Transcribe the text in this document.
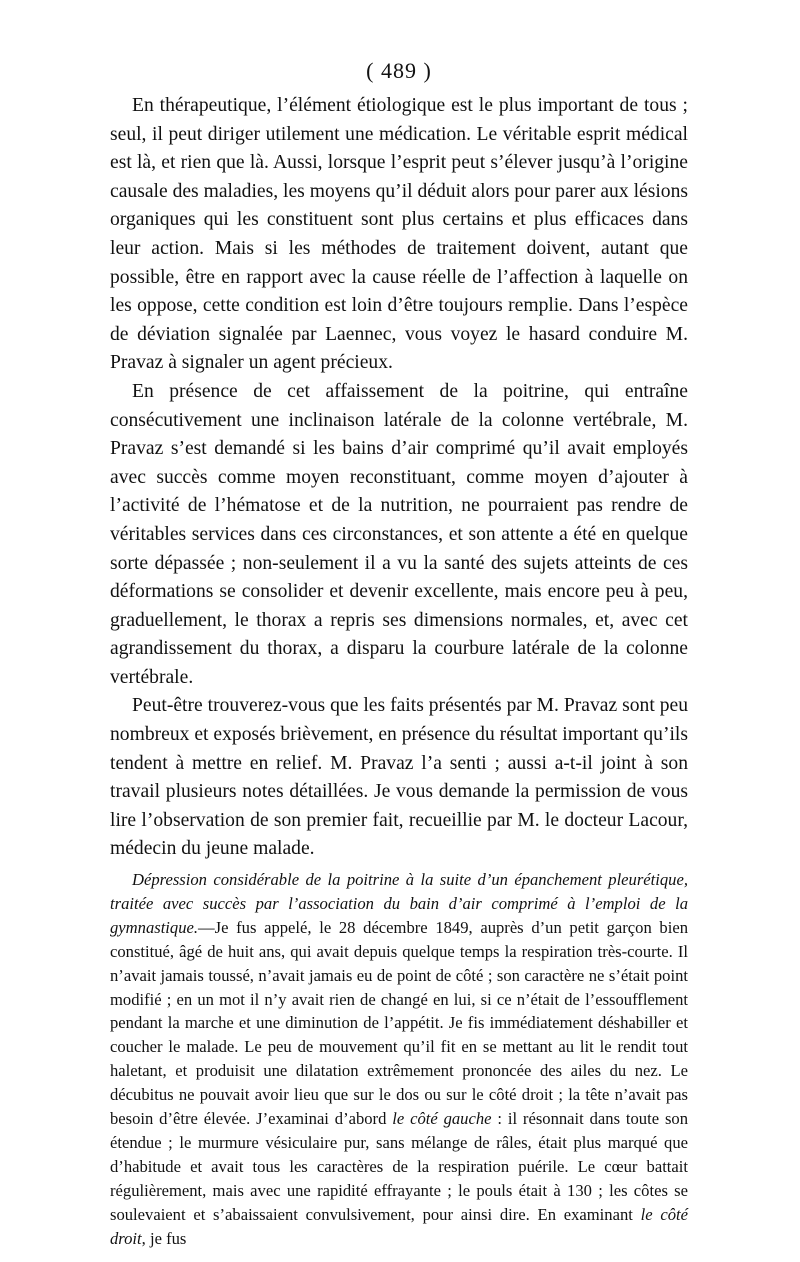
( 489 )

En thérapeutique, l’élément étiologique est le plus important de tous ; seul, il peut diriger utilement une médication. Le véritable esprit médical est là, et rien que là. Aussi, lorsque l’esprit peut s’élever jusqu’à l’origine causale des maladies, les moyens qu’il déduit alors pour parer aux lésions organiques qui les constituent sont plus certains et plus efficaces dans leur action. Mais si les méthodes de traitement doivent, autant que possible, être en rapport avec la cause réelle de l’affection à laquelle on les oppose, cette condition est loin d’être toujours remplie. Dans l’espèce de déviation signalée par Laennec, vous voyez le hasard conduire M. Pravaz à signaler un agent précieux.

En présence de cet affaissement de la poitrine, qui entraîne consécutivement une inclinaison latérale de la colonne vertébrale, M. Pravaz s’est demandé si les bains d’air comprimé qu’il avait employés avec succès comme moyen reconstituant, comme moyen d’ajouter à l’activité de l’hématose et de la nutrition, ne pourraient pas rendre de véritables services dans ces circonstances, et son attente a été en quelque sorte dépassée ; non-seulement il a vu la santé des sujets atteints de ces déformations se consolider et devenir excellente, mais encore peu à peu, graduellement, le thorax a repris ses dimensions normales, et, avec cet agrandissement du thorax, a disparu la courbure latérale de la colonne vertébrale.

Peut-être trouverez-vous que les faits présentés par M. Pravaz sont peu nombreux et exposés brièvement, en présence du résultat important qu’ils tendent à mettre en relief. M. Pravaz l’a senti ; aussi a-t-il joint à son travail plusieurs notes détaillées. Je vous demande la permission de vous lire l’observation de son premier fait, recueillie par M. le docteur Lacour, médecin du jeune malade.

Dépression considérable de la poitrine à la suite d’un épanchement pleurétique, traitée avec succès par l’association du bain d’air comprimé à l’emploi de la gymnastique.—Je fus appelé, le 28 décembre 1849, auprès d’un petit garçon bien constitué, âgé de huit ans, qui avait depuis quelque temps la respiration très-courte. Il n’avait jamais toussé, n’avait jamais eu de point de côté ; son caractère ne s’était point modifié ; en un mot il n’y avait rien de changé en lui, si ce n’était de l’essoufflement pendant la marche et une diminution de l’appétit. Je fis immédiatement déshabiller et coucher le malade. Le peu de mouvement qu’il fit en se mettant au lit le rendit tout haletant, et produisit une dilatation extrêmement prononcée des ailes du nez. Le décubitus ne pouvait avoir lieu que sur le dos ou sur le côté droit ; la tête n’avait pas besoin d’être élevée. J’examinai d’abord le côté gauche : il résonnait dans toute son étendue ; le murmure vésiculaire pur, sans mélange de râles, était plus marqué que d’habitude et avait tous les caractères de la respiration puérile. Le cœur battait régulièrement, mais avec une rapidité effrayante ; le pouls était à 130 ; les côtes se soulevaient et s’abaissaient convulsivement, pour ainsi dire. En examinant le côté droit, je fus
